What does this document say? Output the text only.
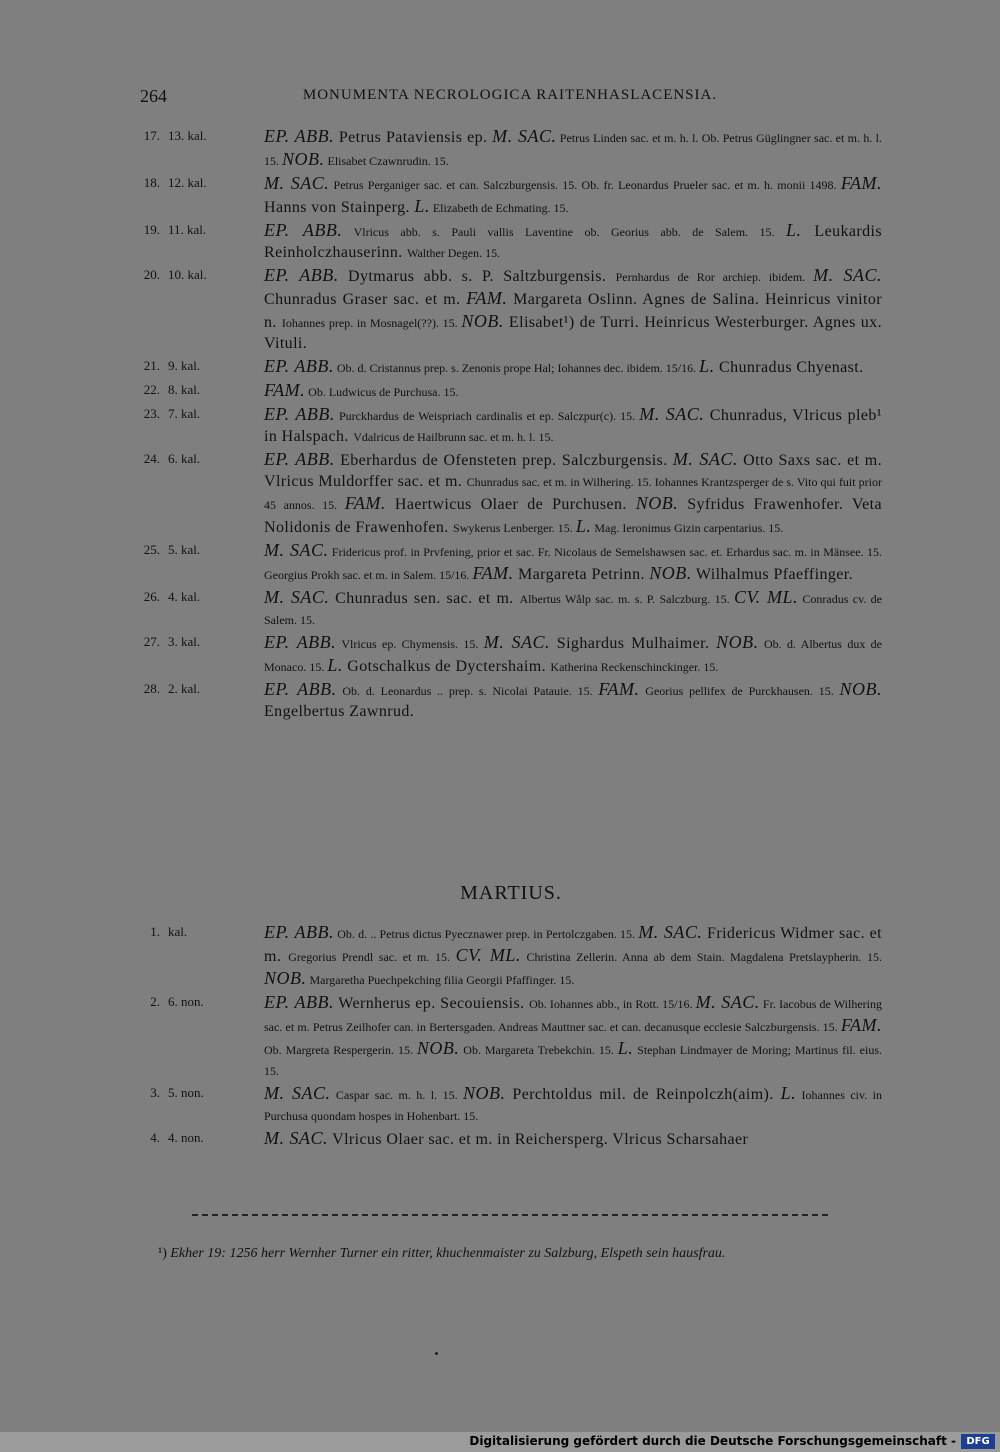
264	MONUMENTA NECROLOGICA RAITENHASLACENSIA.
17. 13. kal.	EP. ABB. Petrus Pataviensis ep. M. SAC. Petrus Linden sac. et m. h. l. Ob. Petrus Güglingner sac. et m. h. l. 15. NOB. Elisabet Czawnrudin. 15.
18. 12. kal.	M. SAC. Petrus Perganiger sac. et can. Salczburgensis. 15. Ob. fr. Leonardus Prueler sac. et m. h. monii 1498. FAM. Hanns von Stainperg. L. Elizabeth de Echmating. 15.
19. 11. kal.	EP. ABB. Vlricus abb. s. Pauli vallis Laventine ob. Georius abb. de Salem. 15. L. Leukardis Reinholczhauserinn. Walther Degen. 15.
20. 10. kal.	EP. ABB. Dytmarus abb. s. P. Saltzburgensis. Pernhardus de Ror archiep. ibidem. M. SAC. Chunradus Graser sac. et m. FAM. Margareta Oslinn. Agnes de Salina. Heinricus vinitor n. Iohannes prep. in Mosnagel(??). 15. NOB. Elisabet¹) de Turri. Heinricus Westerburger. Agnes ux. Vituli.
21. 9. kal.	EP. ABB. Ob. d. Cristannus prep. s. Zenonis prope Hal; Iohannes dec. ibidem. 15/16. L. Chunradus Chyenast.
22. 8. kal.	FAM. Ob. Ludwicus de Purchusa. 15.
23. 7. kal.	EP. ABB. Purckhardus de Weispriach cardinalis et ep. Salczpur(c). 15. M. SAC. Chunradus, Vlricus pleb¹ in Halspach. Vdalricus de Hailbrunn sac. et m. h. l. 15.
24. 6. kal.	EP. ABB. Eberhardus de Ofensteten prep. Salczburgensis. M. SAC. Otto Saxs sac. et m. Vlricus Muldorffer sac. et m. Chunradus sac. et m. in Wilhering. 15. Iohannes Krantzsperger de s. Vito qui fuit prior 45 annos. 15. FAM. Haertwicus Olaer de Purchusen. NOB. Syfridus Frawenhofer. Veta Nolidonis de Frawenhofen. Swykerus Lenberger. 15. L. Mag. Ieronimus Gizin carpentarius. 15.
25. 5. kal.	M. SAC. Fridericus prof. in Prvfening, prior et sac. Fr. Nicolaus de Semelshawsen sac. et. Erhardus sac. m. in Mänsee. 15. Georgius Prokh sac. et m. in Salem. 15/16. FAM. Margareta Petrinn. NOB. Wilhalmus Pfaeffinger.
26. 4. kal.	M. SAC. Chunradus sen. sac. et m. Albertus Wålp sac. m. s. P. Salczburg. 15. CV. ML. Conradus cv. de Salem. 15.
27. 3. kal.	EP. ABB. Vlricus ep. Chymensis. 15. M. SAC. Sighardus Mulhaimer. NOB. Ob. d. Albertus dux de Monaco. 15. L. Gotschalkus de Dyctershaim. Katherina Reckenschinckinger. 15.
28. 2. kal.	EP. ABB. Ob. d. Leonardus .. prep. s. Nicolai Patauie. 15. FAM. Georius pellifex de Purckhausen. 15. NOB. Engelbertus Zawnrud.
MARTIUS.
1. kal.	EP. ABB. Ob. d. .. Petrus dictus Pyecznawer prep. in Pertolczgaben. 15. M. SAC. Fridericus Widmer sac. et m. Gregorius Prendl sac. et m. 15. CV. ML. Christina Zellerin. Anna ab dem Stain. Magdalena Pretslaypherin. 15. NOB. Margaretha Puechpekching filia Georgii Pfaffinger. 15.
2. 6. non.	EP. ABB. Wernherus ep. Secouiensis. Ob. Iohannes abb., in Rott. 15/16. M. SAC. Fr. Iacobus de Wilhering sac. et m. Petrus Zeilhofer can. in Bertersgaden. Andreas Mauttner sac. et can. decanusque ecclesie Salczburgensis. 15. FAM. Ob. Margreta Respergerin. 15. NOB. Ob. Margareta Trebekchin. 15. L. Stephan Lindmayer de Moring; Martinus fil. eius. 15.
3. 5. non.	M. SAC. Caspar sac. m. h. l. 15. NOB. Perchtoldus mil. de Reinpolczh(aim). L. Iohannes civ. in Purchusa quondam hospes in Hohenbart. 15.
4. 4. non.	M. SAC. Vlricus Olaer sac. et m. in Reichersperg. Vlricus Scharsahaer
¹) Ekher 19: 1256 herr Wernher Turner ein ritter, khuchenmaister zu Salzburg, Elspeth sein hausfrau.
Digitalisierung gefördert durch die Deutsche Forschungsgemeinschaft -	DFG
